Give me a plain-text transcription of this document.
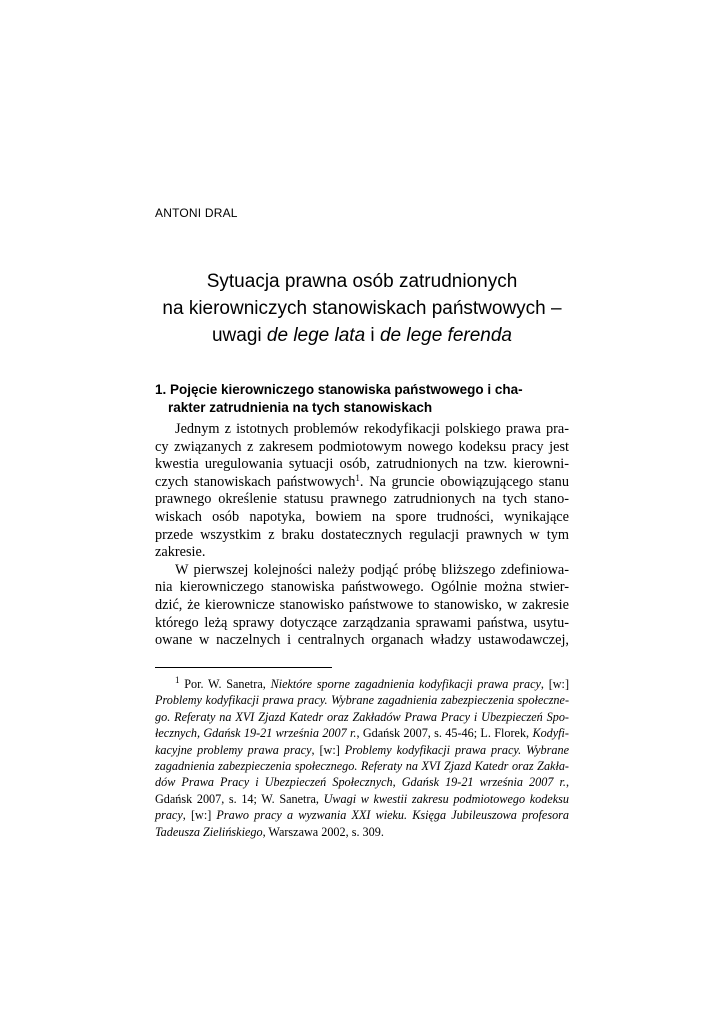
ANTONI DRAL
Sytuacja prawna osób zatrudnionych
na kierowniczych stanowiskach państwowych –
uwagi de lege lata i de lege ferenda
1. Pojęcie kierowniczego stanowiska państwowego i cha-
rakter zatrudnienia na tych stanowiskach
Jednym z istotnych problemów rekodyfikacji polskiego prawa pra-
cy związanych z zakresem podmiotowym nowego kodeksu pracy jest
kwestia uregulowania sytuacji osób, zatrudnionych na tzw. kierowni-
czych stanowiskach państwowych$^1$. Na gruncie obowiązującego stanu
prawnego określenie statusu prawnego zatrudnionych na tych stano-
wiskach osób napotyka, bowiem na spore trudności, wynikające
przede wszystkim z braku dostatecznych regulacji prawnych w tym
zakresie.
W pierwszej kolejności należy podjąć próbę bliższego zdefiniowa-
nia kierowniczego stanowiska państwowego. Ogólnie można stwier-
dzić, że kierownicze stanowisko państwowe to stanowisko, w zakresie
którego leżą sprawy dotyczące zarządzania sprawami państwa, usytu-
owane w naczelnych i centralnych organach władzy ustawodawczej,
$^1$ Por. W. Sanetra, Niektóre sporne zagadnienia kodyfikacji prawa pracy, [w:]
Problemy kodyfikacji prawa pracy. Wybrane zagadnienia zabezpieczenia społeczne-
go. Referaty na XVI Zjazd Katedr oraz Zakładów Prawa Pracy i Ubezpieczeń Spo-
łecznych, Gdańsk 19-21 września 2007 r., Gdańsk 2007, s. 45-46; L. Florek, Kodyfi-
kacyjne problemy prawa pracy, [w:] Problemy kodyfikacji prawa pracy. Wybrane
zagadnienia zabezpieczenia społecznego. Referaty na XVI Zjazd Katedr oraz Zakła-
dów Prawa Pracy i Ubezpieczeń Społecznych, Gdańsk 19-21 września 2007 r.,
Gdańsk 2007, s. 14; W. Sanetra, Uwagi w kwestii zakresu podmiotowego kodeksu
pracy, [w:] Prawo pracy a wyzwania XXI wieku. Księga Jubileuszowa profesora
Tadeusza Zielińskiego, Warszawa 2002, s. 309.
